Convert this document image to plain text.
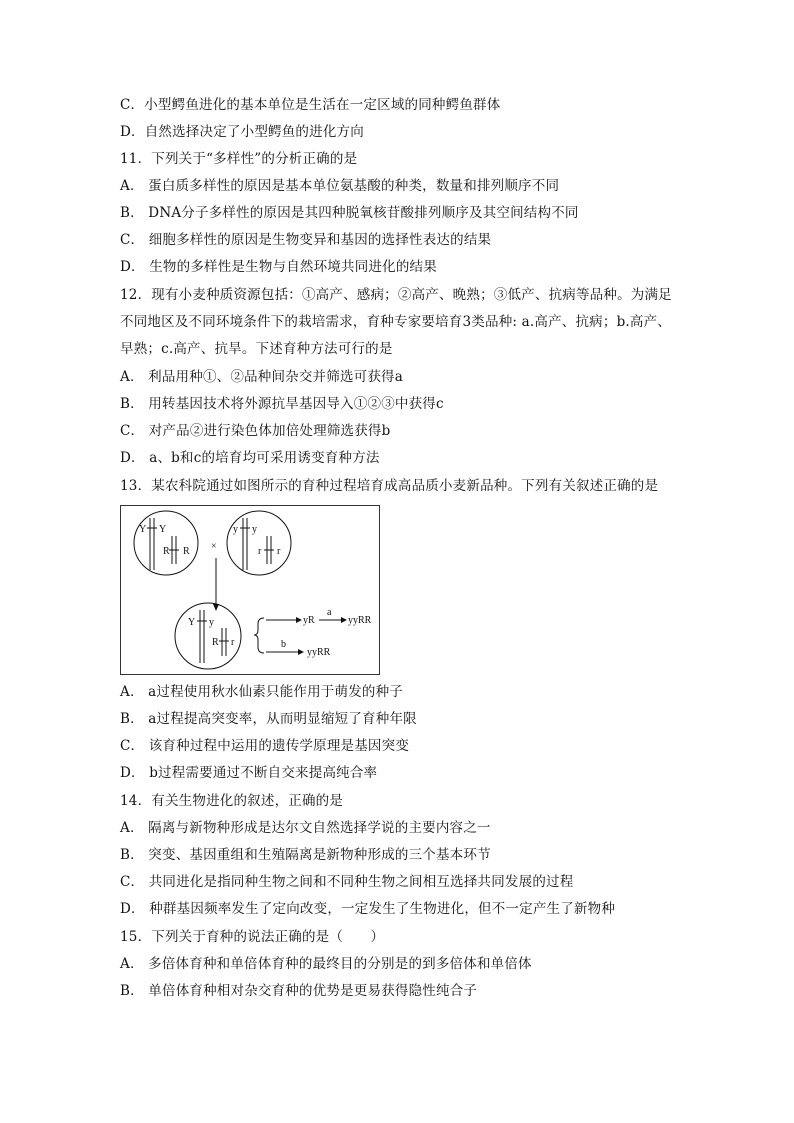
C．小型鳄鱼进化的基本单位是生活在一定区域的同种鳄鱼群体
D．自然选择决定了小型鳄鱼的进化方向
11．下列关于“多样性”的分析正确的是
A． 蛋白质多样性的原因是基本单位氨基酸的种类，数量和排列顺序不同
B． DNA分子多样性的原因是其四种脱氧核苷酸排列顺序及其空间结构不同
C． 细胞多样性的原因是生物变异和基因的选择性表达的结果
D． 生物的多样性是生物与自然环境共同进化的结果
12．现有小麦种质资源包括：①高产、感病；②高产、晚熟；③低产、抗病等品种。为满足
不同地区及不同环境条件下的栽培需求，育种专家要培育3类品种: a.高产、抗病；b.高产、
早熟；c.高产、抗旱。下述育种方法可行的是
A． 利品用种①、②品种间杂交并筛选可获得a
B． 用转基因技术将外源抗旱基因导入①②③中获得c
C． 对产品②进行染色体加倍处理筛选获得b
D． a、b和c的培育均可采用诱变育种方法
13．某农科院通过如图所示的育种过程培育成高品质小麦新品种。下列有关叙述正确的是
Y Y
R R ×
y y
r r
Y y
R r
yR
a
yyRR
b
yyRR
A． a过程使用秋水仙素只能作用于萌发的种子
B． a过程提高突变率，从而明显缩短了育种年限
C． 该育种过程中运用的遗传学原理是基因突变
D． b过程需要通过不断自交来提高纯合率
14．有关生物进化的叙述，正确的是
A． 隔离与新物种形成是达尔文自然选择学说的主要内容之一
B． 突变、基因重组和生殖隔离是新物种形成的三个基本环节
C． 共同进化是指同种生物之间和不同种生物之间相互选择共同发展的过程
D． 种群基因频率发生了定向改变，一定发生了生物进化，但不一定产生了新物种
15．下列关于育种的说法正确的是（　　）
A． 多倍体育种和单倍体育种的最终目的分别是的到多倍体和单倍体
B． 单倍体育种相对杂交育种的优势是更易获得隐性纯合子
